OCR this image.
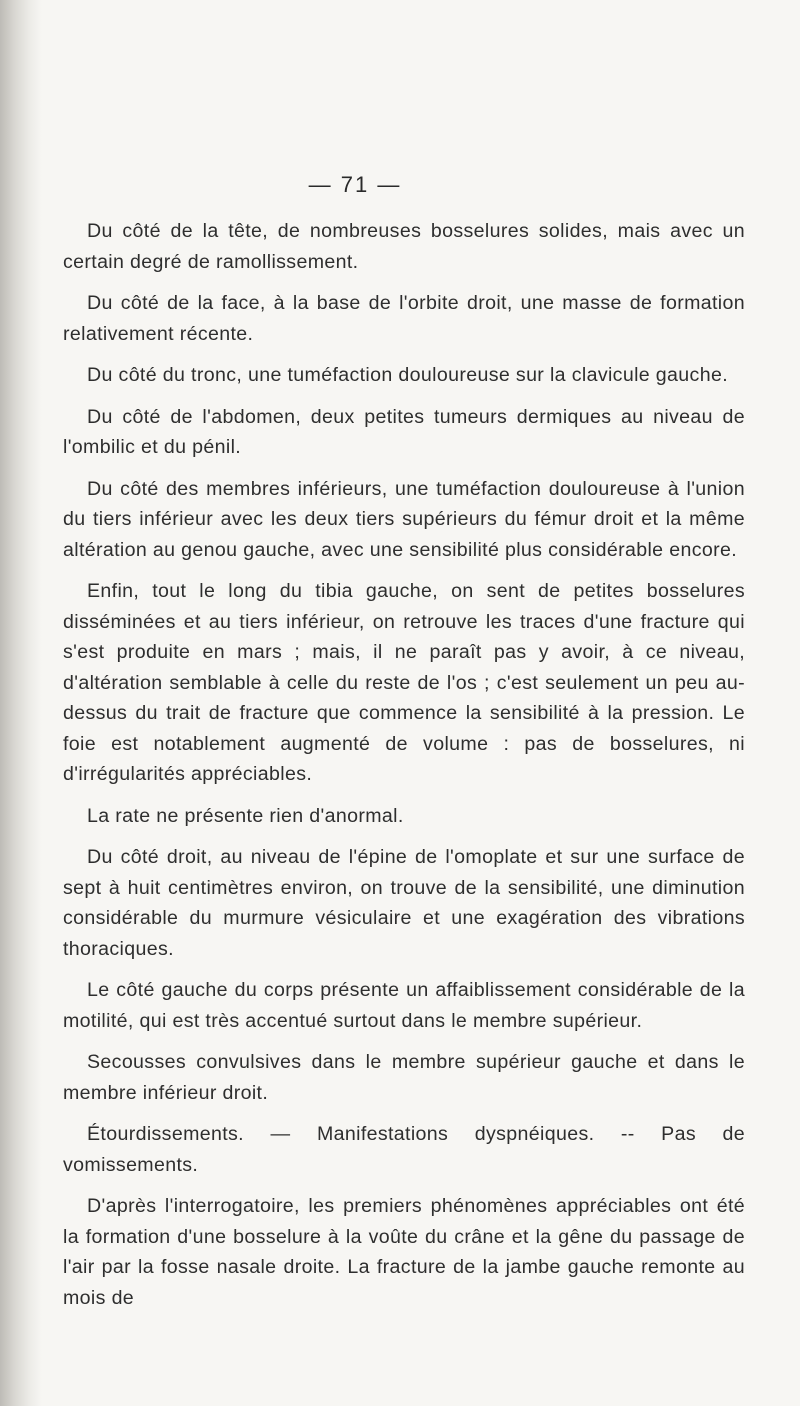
— 71 —

Du côté de la tête, de nombreuses bosselures solides, mais avec un certain degré de ramollissement.

Du côté de la face, à la base de l'orbite droit, une masse de formation relativement récente.

Du côté du tronc, une tuméfaction douloureuse sur la clavicule gauche.

Du côté de l'abdomen, deux petites tumeurs dermiques au niveau de l'ombilic et du pénil.

Du côté des membres inférieurs, une tuméfaction douloureuse à l'union du tiers inférieur avec les deux tiers supérieurs du fémur droit et la même altération au genou gauche, avec une sensibilité plus considérable encore.

Enfin, tout le long du tibia gauche, on sent de petites bosselures disséminées et au tiers inférieur, on retrouve les traces d'une fracture qui s'est produite en mars ; mais, il ne paraît pas y avoir, à ce niveau, d'altération semblable à celle du reste de l'os ; c'est seulement un peu au-dessus du trait de fracture que commence la sensibilité à la pression. Le foie est notablement augmenté de volume : pas de bosselures, ni d'irrégularités appréciables.

La rate ne présente rien d'anormal.

Du côté droit, au niveau de l'épine de l'omoplate et sur une surface de sept à huit centimètres environ, on trouve de la sensibilité, une diminution considérable du murmure vésiculaire et une exagération des vibrations thoraciques.

Le côté gauche du corps présente un affaiblissement considérable de la motilité, qui est très accentué surtout dans le membre supérieur.

Secousses convulsives dans le membre supérieur gauche et dans le membre inférieur droit.

Étourdissements. — Manifestations dyspnéiques. -- Pas de vomissements.

D'après l'interrogatoire, les premiers phénomènes appréciables ont été la formation d'une bosselure à la voûte du crâne et la gêne du passage de l'air par la fosse nasale droite. La fracture de la jambe gauche remonte au mois de
